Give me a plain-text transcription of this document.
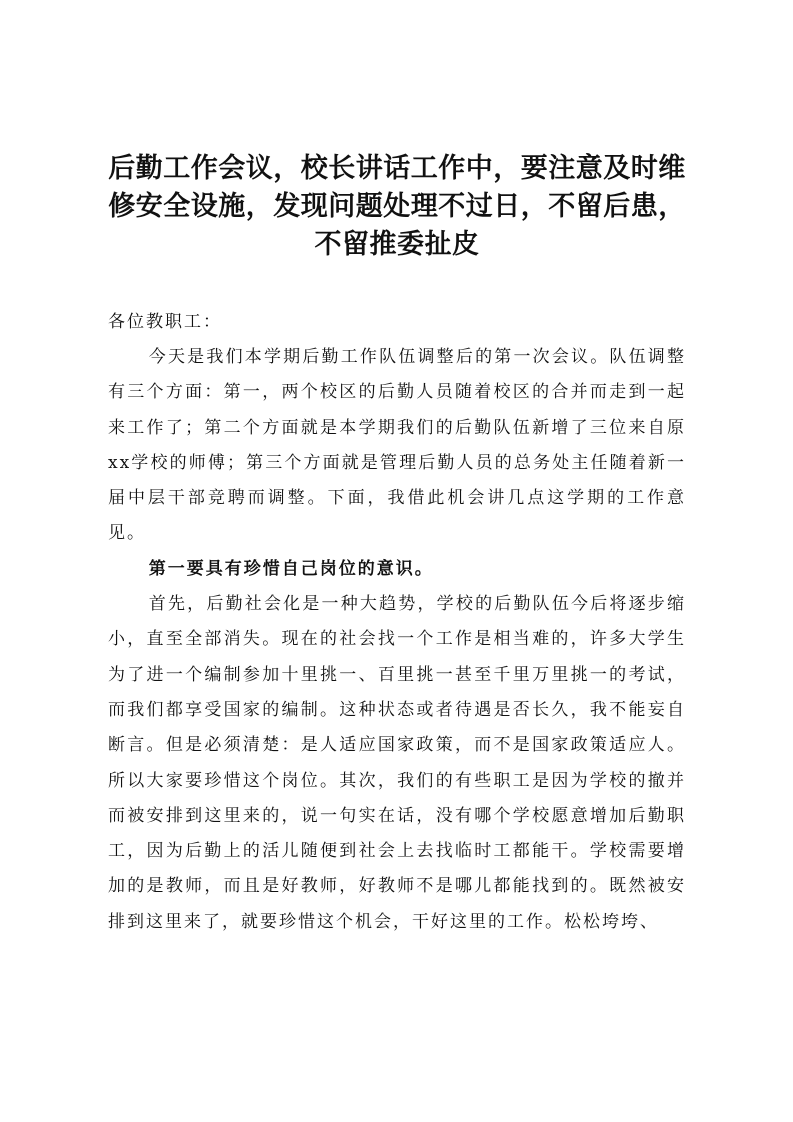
后勤工作会议，校长讲话工作中，要注意及时维修安全设施，发现问题处理不过日，不留后患，不留推委扯皮

各位教职工：

今天是我们本学期后勤工作队伍调整后的第一次会议。队伍调整有三个方面：第一，两个校区的后勤人员随着校区的合并而走到一起来工作了；第二个方面就是本学期我们的后勤队伍新增了三位来自原xx学校的师傅；第三个方面就是管理后勤人员的总务处主任随着新一届中层干部竞聘而调整。下面，我借此机会讲几点这学期的工作意见。

第一要具有珍惜自己岗位的意识。

首先，后勤社会化是一种大趋势，学校的后勤队伍今后将逐步缩小，直至全部消失。现在的社会找一个工作是相当难的，许多大学生为了进一个编制参加十里挑一、百里挑一甚至千里万里挑一的考试，而我们都享受国家的编制。这种状态或者待遇是否长久，我不能妄自断言。但是必须清楚：是人适应国家政策，而不是国家政策适应人。所以大家要珍惜这个岗位。其次，我们的有些职工是因为学校的撤并而被安排到这里来的，说一句实在话，没有哪个学校愿意增加后勤职工，因为后勤上的活儿随便到社会上去找临时工都能干。学校需要增加的是教师，而且是好教师，好教师不是哪儿都能找到的。既然被安排到这里来了，就要珍惜这个机会，干好这里的工作。松松垮垮、
